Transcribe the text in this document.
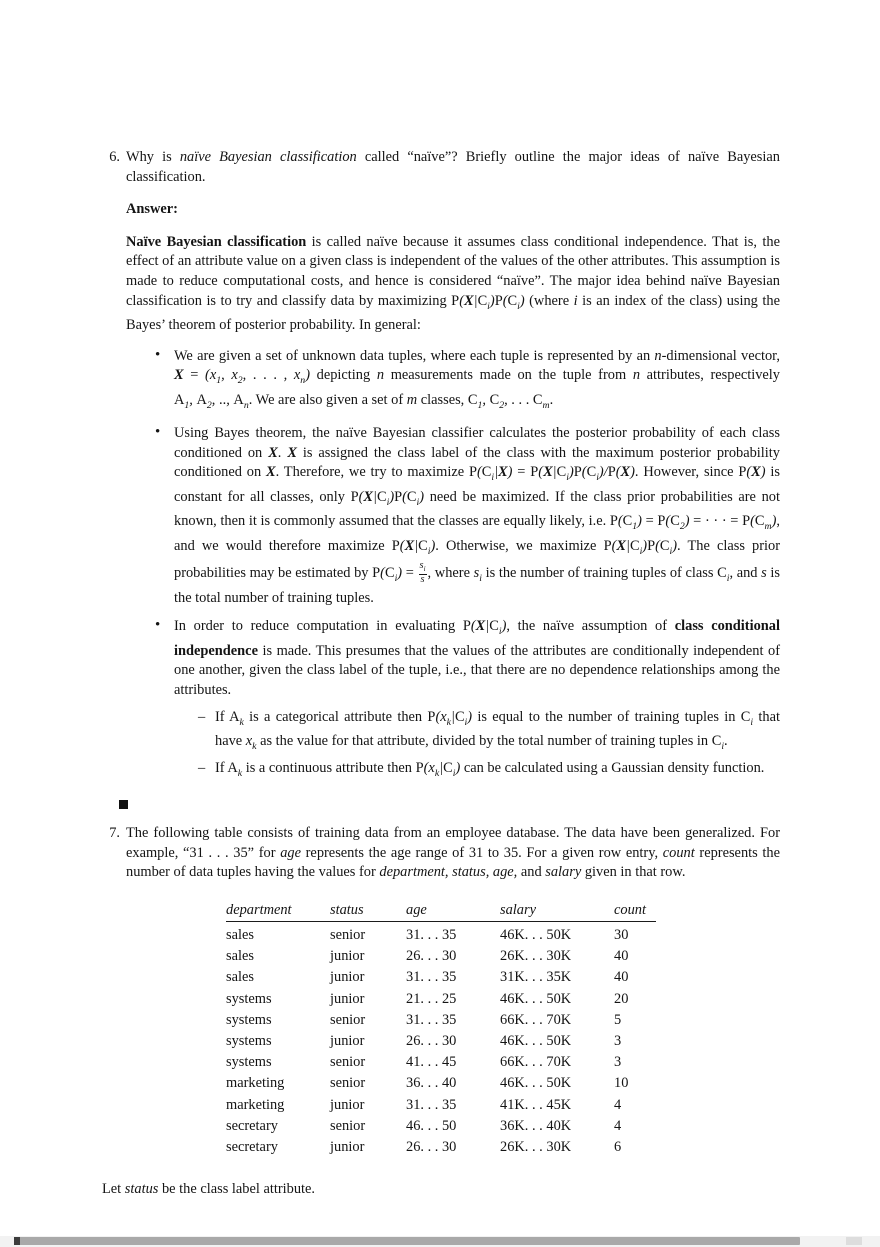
6. Why is naïve Bayesian classification called “naïve”? Briefly outline the major ideas of naïve Bayesian classification.

Answer:

Naïve Bayesian classification is called naïve because it assumes class conditional independence. That is, the effect of an attribute value on a given class is independent of the values of the other attributes. This assumption is made to reduce computational costs, and hence is considered “naïve”. The major idea behind naïve Bayesian classification is to try and classify data by maximizing $P(X|C_i)P(C_i)$ (where i is an index of the class) using the Bayes’ theorem of posterior probability. In general:

• We are given a set of unknown data tuples, where each tuple is represented by an n-dimensional vector, $X = (x_1$, $x_2$, . . . , $x_n$) depicting n measurements made on the tuple from n attributes, respectively $A_1$, $A_2$, .., $A_n$. We are also given a set of m classes, $C_1$, $C_2$, . . . $C_m$.
• Using Bayes theorem, the naïve Bayesian classifier calculates the posterior probability of each class conditioned on X. X is assigned the class label of the class with the maximum posterior probability conditioned on X. Therefore, we try to maximize $P(C_i|X) = P(X|C_i)P(C_i)/P(X)$. However, since P(X) is constant for all classes, only $P(X|C_i)P(C_i)$ need be maximized. If the class prior probabilities are not known, then it is commonly assumed that the classes are equally likely, i.e. $P(C_1) = P(C_2)$ = · · · = $P(C_m)$, and we would therefore maximize $P(X|C_i)$. Otherwise, we maximize $P(X|C_i)P(C_i)$. The class prior probabilities may be estimated by $P(C_i) = \frac{s_i}{s}$ , where $s_i$ is the number of training tuples of class $C_i$, and s is the total number of training tuples.
• In order to reduce computation in evaluating $P(X|C_i)$, the naïve assumption of class conditional independence is made. This presumes that the values of the attributes are conditionally independent of one another, given the class label of the tuple, i.e., that there are no dependence relationships among the attributes.
– If $A_k$ is a categorical attribute then $P(x_k|C_i)$ is equal to the number of training tuples in $C_i$ that have $x_k$ as the value for that attribute, divided by the total number of training tuples in $C_i$.
– If $A_k$ is a continuous attribute then $P(x_k|C_i)$ can be calculated using a Gaussian density function.
7. The following table consists of training data from an employee database. The data have been generalized. For example, “31 . . . 35” for age represents the age range of 31 to 35. For a given row entry, count represents the number of data tuples having the values for department, status, age, and salary given in that row.
department	status	age	salary	count
sales	senior	31. . . 35	46K. . . 50K	30
sales	junior	26. . . 30	26K. . . 30K	40
sales	junior	31. . . 35	31K. . . 35K	40
systems	junior	21. . . 25	46K. . . 50K	20
systems	senior	31. . . 35	66K. . . 70K	5
systems	junior	26. . . 30	46K. . . 50K	3
systems	senior	41. . . 45	66K. . . 70K	3
marketing	senior	36. . . 40	46K. . . 50K	10
marketing	junior	31. . . 35	41K. . . 45K	4
secretary	senior	46. . . 50	36K. . . 40K	4
secretary	junior	26. . . 30	26K. . . 30K	6

Let status be the class label attribute.
